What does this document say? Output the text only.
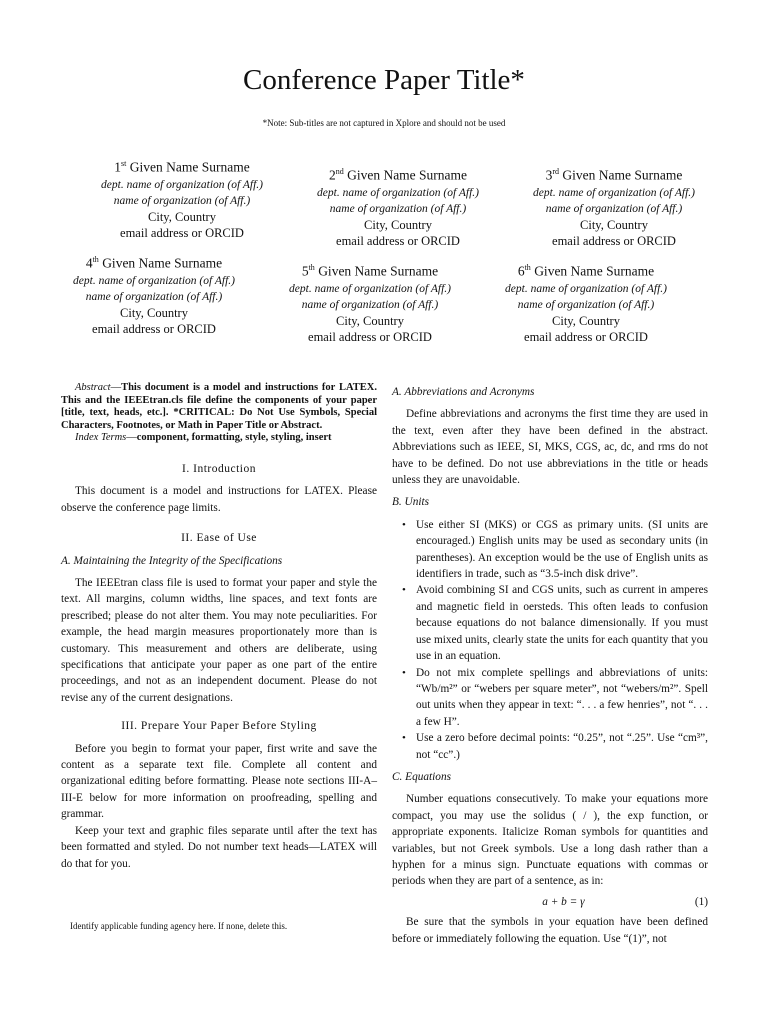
Conference Paper Title*
*Note: Sub-titles are not captured in Xplore and should not be used
1st Given Name Surname
dept. name of organization (of Aff.)
name of organization (of Aff.)
City, Country
email address or ORCID
2nd Given Name Surname
dept. name of organization (of Aff.)
name of organization (of Aff.)
City, Country
email address or ORCID
3rd Given Name Surname
dept. name of organization (of Aff.)
name of organization (of Aff.)
City, Country
email address or ORCID
4th Given Name Surname
dept. name of organization (of Aff.)
name of organization (of Aff.)
City, Country
email address or ORCID
5th Given Name Surname
dept. name of organization (of Aff.)
name of organization (of Aff.)
City, Country
email address or ORCID
6th Given Name Surname
dept. name of organization (of Aff.)
name of organization (of Aff.)
City, Country
email address or ORCID
Abstract—This document is a model and instructions for LATEX. This and the IEEEtran.cls file define the components of your paper [title, text, heads, etc.]. *CRITICAL: Do Not Use Symbols, Special Characters, Footnotes, or Math in Paper Title or Abstract.
Index Terms—component, formatting, style, styling, insert
I. Introduction

This document is a model and instructions for LATEX. Please observe the conference page limits.

II. Ease of Use
A. Maintaining the Integrity of the Specifications

The IEEEtran class file is used to format your paper and style the text. All margins, column widths, line spaces, and text fonts are prescribed; please do not alter them. You may note peculiarities. For example, the head margin measures proportionately more than is customary. This measurement and others are deliberate, using specifications that anticipate your paper as one part of the entire proceedings, and not as an independent document. Please do not revise any of the current designations.

III. Prepare Your Paper Before Styling

Before you begin to format your paper, first write and save the content as a separate text file. Complete all content and organizational editing before formatting. Please note sections III-A–III-E below for more information on proofreading, spelling and grammar.

Keep your text and graphic files separate until after the text has been formatted and styled. Do not number text heads—LATEX will do that for you.

Identify applicable funding agency here. If none, delete this.
A. Abbreviations and Acronyms

Define abbreviations and acronyms the first time they are used in the text, even after they have been defined in the abstract. Abbreviations such as IEEE, SI, MKS, CGS, ac, dc, and rms do not have to be defined. Do not use abbreviations in the title or heads unless they are unavoidable.

B. Units
• Use either SI (MKS) or CGS as primary units. (SI units are encouraged.) English units may be used as secondary units (in parentheses). An exception would be the use of English units as identifiers in trade, such as “3.5-inch disk drive”.
• Avoid combining SI and CGS units, such as current in amperes and magnetic field in oersteds. This often leads to confusion because equations do not balance dimensionally. If you must use mixed units, clearly state the units for each quantity that you use in an equation.
• Do not mix complete spellings and abbreviations of units: “Wb/m²” or “webers per square meter”, not “webers/m²”. Spell out units when they appear in text: “. . . a few henries”, not “. . . a few H”.
• Use a zero before decimal points: “0.25”, not “.25”. Use “cm³”, not “cc”.)
C. Equations

Number equations consecutively. To make your equations more compact, you may use the solidus ( / ), the exp function, or appropriate exponents. Italicize Roman symbols for quantities and variables, but not Greek symbols. Use a long dash rather than a hyphen for a minus sign. Punctuate equations with commas or periods when they are part of a sentence, as in:

a + b = γ	(1)

Be sure that the symbols in your equation have been defined before or immediately following the equation. Use “(1)”, not
